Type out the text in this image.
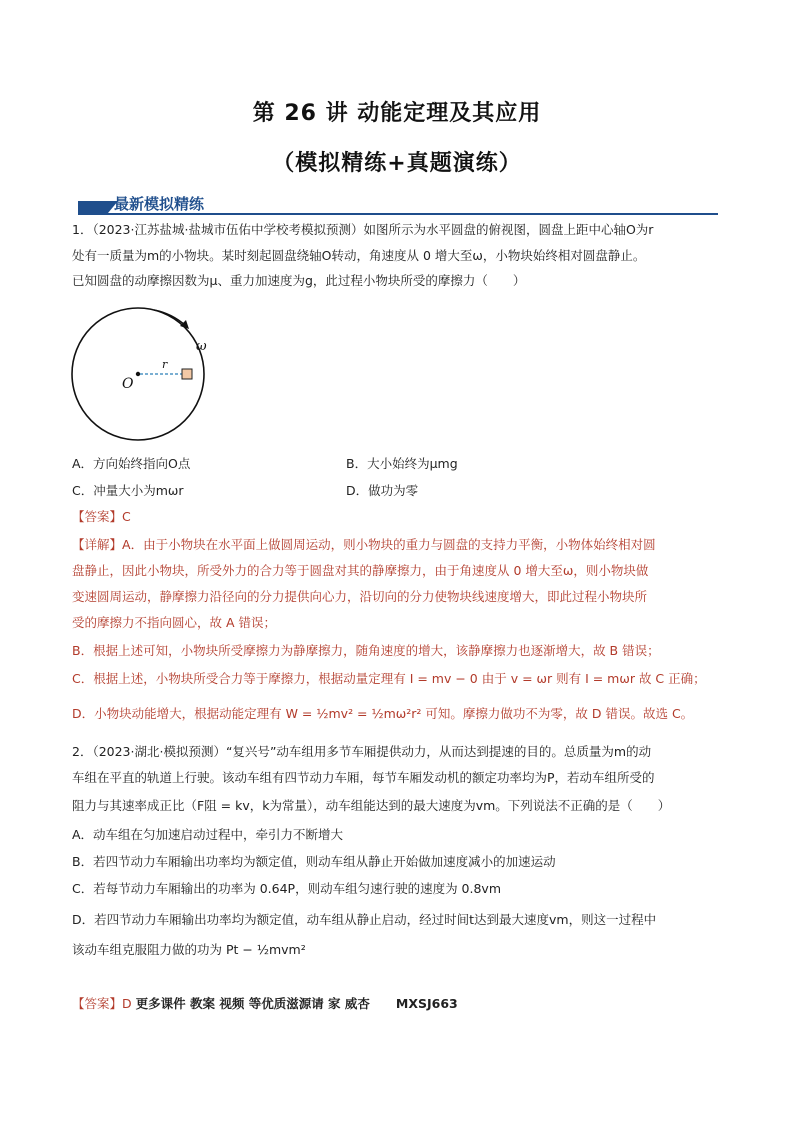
第 26 讲 动能定理及其应用
（模拟精练+真题演练）
最新模拟精练
1．（2023·江苏盐城·盐城市伍佑中学校考模拟预测）如图所示为水平圆盘的俯视图，圆盘上距中心轴O为r
处有一质量为m的小物块。某时刻起圆盘绕轴O转动，角速度从 0 增大至ω，小物块始终相对圆盘静止。
已知圆盘的动摩擦因数为μ、重力加速度为g，此过程小物块所受的摩擦力（　　）
O
r
ω
A．方向始终指向O点	B．大小始终为μmg
C．冲量大小为mωr	D．做功为零
【答案】C
【详解】A．由于小物块在水平面上做圆周运动，则小物块的重力与圆盘的支持力平衡，小物体始终相对圆
盘静止，因此小物块，所受外力的合力等于圆盘对其的静摩擦力，由于角速度从 0 增大至ω，则小物块做
变速圆周运动，静摩擦力沿径向的分力提供向心力，沿切向的分力使物块线速度增大，即此过程小物块所
受的摩擦力不指向圆心，故 A 错误；
B．根据上述可知，小物块所受摩擦力为静摩擦力，随角速度的增大，该静摩擦力也逐渐增大，故 B 错误；
C．根据上述，小物块所受合力等于摩擦力，根据动量定理有 I = mv − 0 由于 v = ωr 则有 I = mωr 故 C 正确；
D．小物块动能增大，根据动能定理有 W = ½mv² = ½mω²r² 可知。摩擦力做功不为零，故 D 错误。故选 C。
2．（2023·湖北·模拟预测）“复兴号”动车组用多节车厢提供动力，从而达到提速的目的。总质量为m的动
车组在平直的轨道上行驶。该动车组有四节动力车厢，每节车厢发动机的额定功率均为P，若动车组所受的
阻力与其速率成正比（F阻 = kv，k为常量），动车组能达到的最大速度为vm。下列说法不正确的是（　　）
A．动车组在匀加速启动过程中，牵引力不断增大
B．若四节动力车厢输出功率均为额定值，则动车组从静止开始做加速度减小的加速运动
C．若每节动力车厢输出的功率为 0.64P，则动车组匀速行驶的速度为 0.8vm
D．若四节动力车厢输出功率均为额定值，动车组从静止启动，经过时间t达到最大速度vm，则这一过程中
该动车组克服阻力做的功为 Pt − ½mvm²
【答案】D 更多课件 教案 视频 等优质滋源请 家 威杏 MXSJ663
